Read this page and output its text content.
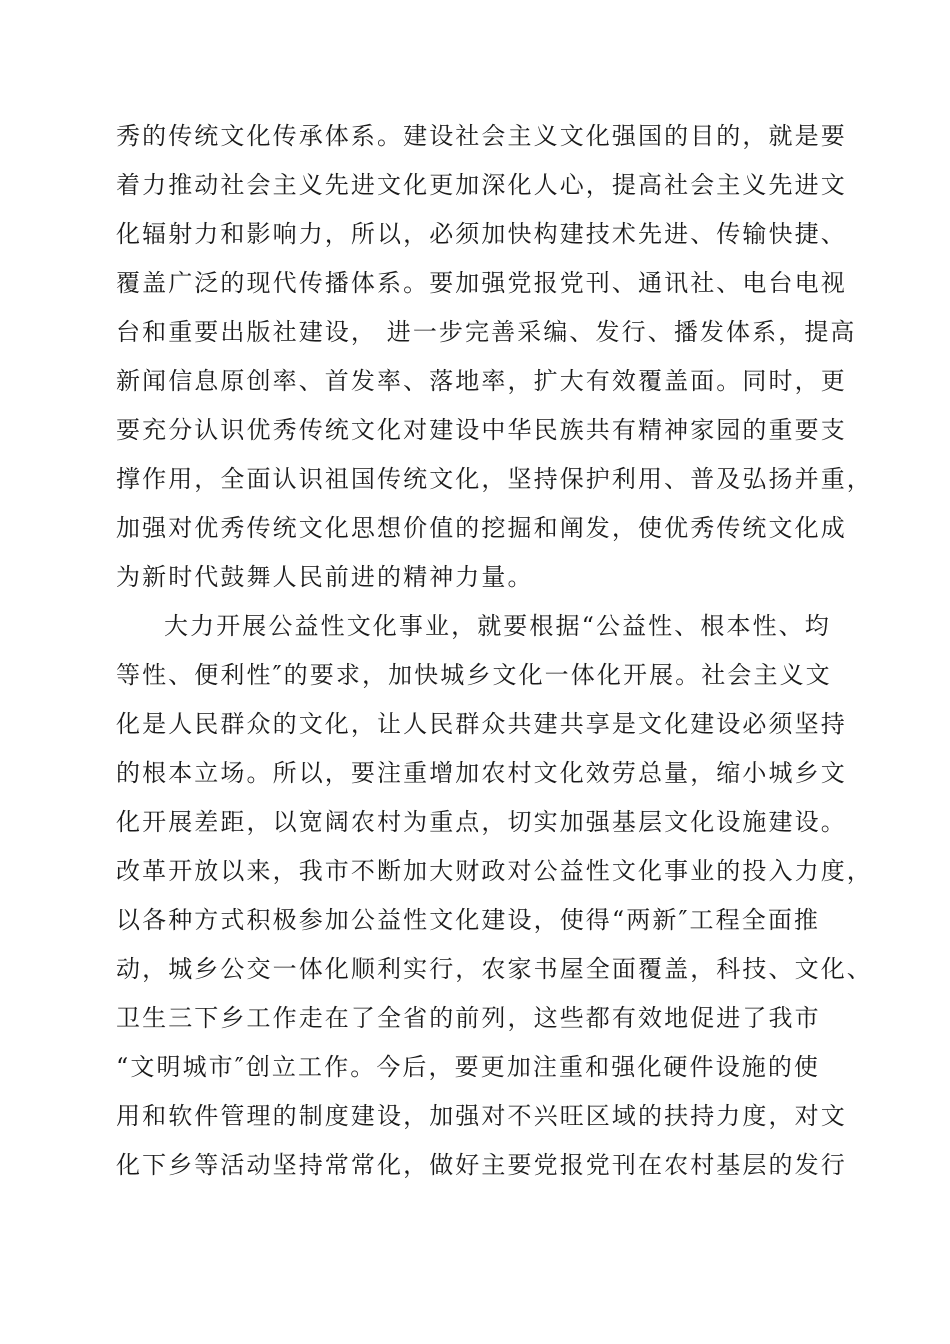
秀的传统文化传承体系。建设社会主义文化强国的目的，就是要
着力推动社会主义先进文化更加深化人心，提高社会主义先进文
化辐射力和影响力，所以，必须加快构建技术先进、传输快捷、
覆盖广泛的现代传播体系。要加强党报党刊、通讯社、电台电视
台和重要出版社建设， 进一步完善采编、发行、播发体系，提高
新闻信息原创率、首发率、落地率，扩大有效覆盖面。同时，更
要充分认识优秀传统文化对建设中华民族共有精神家园的重要支
撑作用，全面认识祖国传统文化，坚持保护利用、普及弘扬并重，
加强对优秀传统文化思想价值的挖掘和阐发，使优秀传统文化成
为新时代鼓舞人民前进的精神力量。
大力开展公益性文化事业，就要根据“公益性、根本性、均
等性、便利性″的要求，加快城乡文化一体化开展。社会主义文
化是人民群众的文化，让人民群众共建共享是文化建设必须坚持
的根本立场。所以，要注重增加农村文化效劳总量，缩小城乡文
化开展差距，以宽阔农村为重点，切实加强基层文化设施建设。
改革开放以来，我市不断加大财政对公益性文化事业的投入力度，
以各种方式积极参加公益性文化建设，使得“两新″工程全面推
动，城乡公交一体化顺利实行，农家书屋全面覆盖，科技、文化、
卫生三下乡工作走在了全省的前列，这些都有效地促进了我市
“文明城市″创立工作。今后，要更加注重和强化硬件设施的使
用和软件管理的制度建设，加强对不兴旺区域的扶持力度，对文
化下乡等活动坚持常常化，做好主要党报党刊在农村基层的发行
